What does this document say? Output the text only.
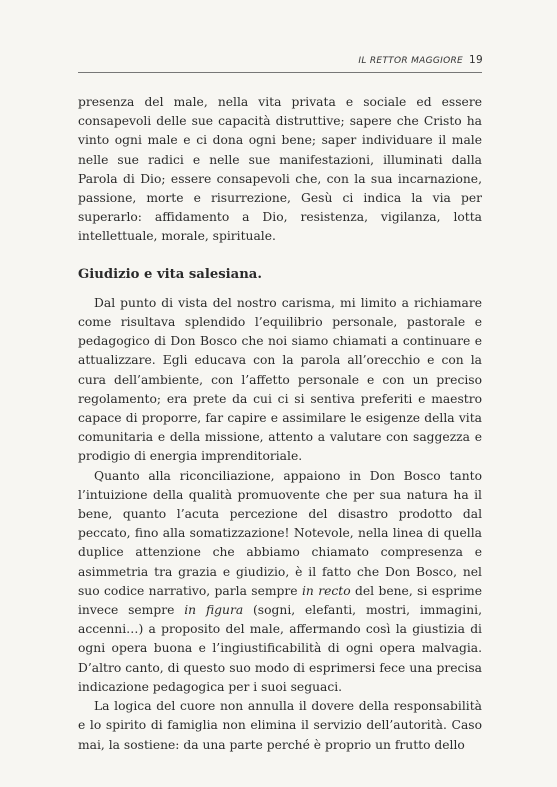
IL RETTOR MAGGIORE 19

presenza del male, nella vita privata e sociale ed essere consapevoli delle sue capacità distruttive; sapere che Cristo ha vinto ogni male e ci dona ogni bene; saper individuare il male nelle sue radici e nelle sue manifestazioni, illuminati dalla Parola di Dio; essere consapevoli che, con la sua incarnazione, passione, morte e risurrezione, Gesù ci indica la via per superarlo: affidamento a Dio, resistenza, vigilanza, lotta intellettuale, morale, spirituale.

Giudizio e vita salesiana.

Dal punto di vista del nostro carisma, mi limito a richiamare come risultava splendido l’equilibrio personale, pastorale e pedagogico di Don Bosco che noi siamo chiamati a continuare e attualizzare. Egli educava con la parola all’orecchio e con la cura dell’ambiente, con l’affetto personale e con un preciso regolamento; era prete da cui ci si sentiva preferiti e maestro capace di proporre, far capire e assimilare le esigenze della vita comunitaria e della missione, attento a valutare con saggezza e prodigio di energia imprenditoriale.

Quanto alla riconciliazione, appaiono in Don Bosco tanto l’intuizione della qualità promuovente che per sua natura ha il bene, quanto l’acuta percezione del disastro prodotto dal peccato, fino alla somatizzazione! Notevole, nella linea di quella duplice attenzione che abbiamo chiamato compresenza e asimmetria tra grazia e giudizio, è il fatto che Don Bosco, nel suo codice narrativo, parla sempre in recto del bene, si esprime invece sempre in figura (sogni, elefanti, mostri, immagini, accenni…) a proposito del male, affermando così la giustizia di ogni opera buona e l’ingiustificabilità di ogni opera malvagia. D’altro canto, di questo suo modo di esprimersi fece una precisa indicazione pedagogica per i suoi seguaci.

La logica del cuore non annulla il dovere della responsabilità e lo spirito di famiglia non elimina il servizio dell’autorità. Caso mai, la sostiene: da una parte perché è proprio un frutto dello
